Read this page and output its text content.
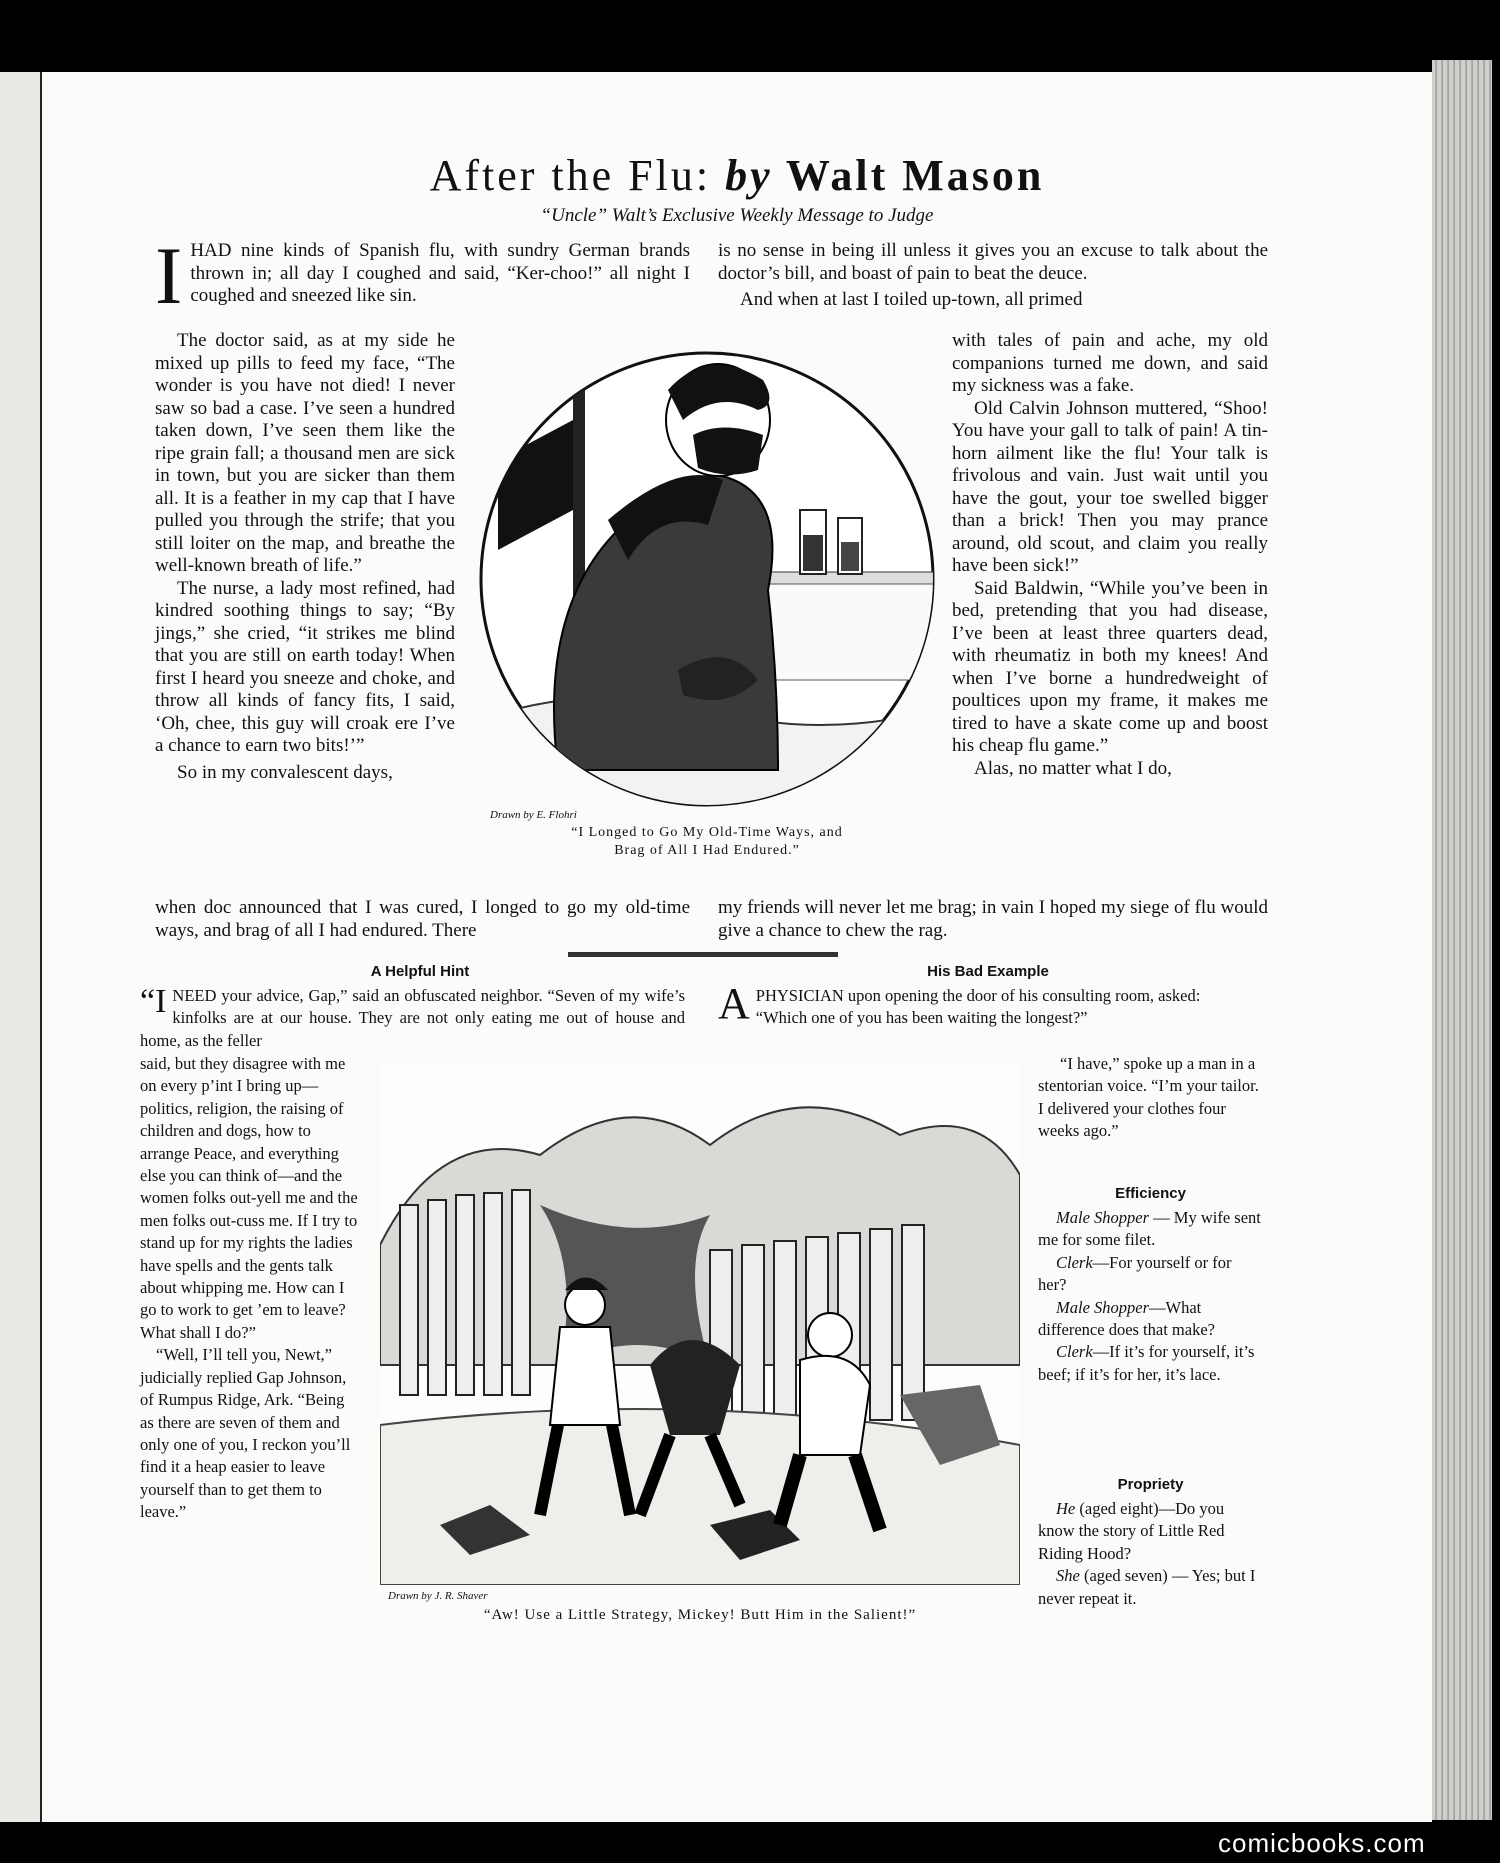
After the Flu: by Walt Mason
“Uncle” Walt’s Exclusive Weekly Message to Judge
I HAD nine kinds of Spanish flu, with sundry German brands thrown in; all day I coughed and said, “Ker-choo!” all night I coughed and sneezed like sin.

The doctor said, as at my side he mixed up pills to feed my face, “The wonder is you have not died! I never saw so bad a case. I’ve seen a hundred taken down, I’ve seen them like the ripe grain fall; a thousand men are sick in town, but you are sicker than them all. It is a feather in my cap that I have pulled you through the strife; that you still loiter on the map, and breathe the well-known breath of life.”

The nurse, a lady most refined, had kindred soothing things to say; “By jings,” she cried, “it strikes me blind that you are still on earth today! When first I heard you sneeze and choke, and throw all kinds of fancy fits, I said, ‘Oh, chee, this guy will croak ere I’ve a chance to earn two bits!’”

So in my convalescent days,

when doc announced that I was cured, I longed to go my old-time ways, and brag of all I had endured. There

is no sense in being ill unless it gives you an excuse to talk about the doctor’s bill, and boast of pain to beat the deuce.

And when at last I toiled up-town, all primed

with tales of pain and ache, my old companions turned me down, and said my sickness was a fake.

Old Calvin Johnson muttered, “Shoo! You have your gall to talk of pain! A tin-horn ailment like the flu! Your talk is frivolous and vain. Just wait until you have the gout, your toe swelled bigger than a brick! Then you may prance around, old scout, and claim you really have been sick!”

Said Baldwin, “While you’ve been in bed, pretending that you had disease, I’ve been at least three quarters dead, with rheumatiz in both my knees! And when I’ve borne a hundredweight of poultices upon my frame, it makes me tired to have a skate come up and boost his cheap flu game.”

Alas, no matter what I do,

my friends will never let me brag; in vain I hoped my siege of flu would give a chance to chew the rag.
Drawn by E. Flohri
“I Longed to Go My Old-Time Ways, and
Brag of All I Had Endured.”
A Helpful Hint
“I NEED your advice, Gap,” said an obfuscated neighbor. “Seven of my wife’s kinfolks are at our house. They are not only eating me out of house and home, as the feller

said, but they disagree with me on every p’int I bring up—politics, religion, the raising of children and dogs, how to arrange Peace, and everything else you can think of—and the women folks out-yell me and the men folks out-cuss me. If I try to stand up for my rights the ladies have spells and the gents talk about whipping me. How can I go to work to get ’em to leave? What shall I do?”

“Well, I’ll tell you, Newt,” judicially replied Gap Johnson, of Rumpus Ridge, Ark. “Being as there are seven of them and only one of you, I reckon you’ll find it a heap easier to leave yourself than to get them to leave.”

Drawn by J. R. Shaver
“Aw! Use a Little Strategy, Mickey! Butt Him in the Salient!”
His Bad Example
A PHYSICIAN upon opening the door of his consulting room, asked:

“Which one of you has been waiting the longest?”

“I have,” spoke up a man in a stentorian voice. “I’m your tailor. I delivered your clothes four weeks ago.”

Efficiency

Male Shopper — My wife sent me for some filet.

Clerk—For yourself or for her?

Male Shopper—What difference does that make?

Clerk—If it’s for yourself, it’s beef; if it’s for her, it’s lace.

Propriety

He (aged eight)—Do you know the story of Little Red Riding Hood?

She (aged seven) — Yes; but I never repeat it.

comicbooks.com
